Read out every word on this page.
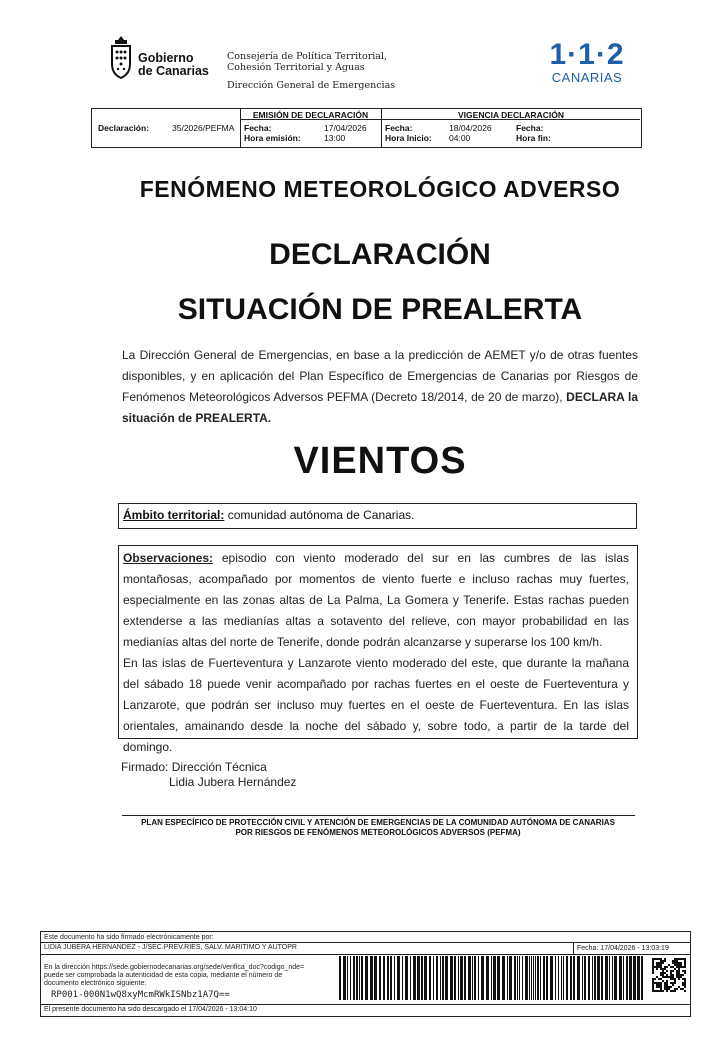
Gobierno
de Canarias
Consejería de Política Territorial,
Cohesión Territorial y Aguas
Dirección General de Emergencias
1·1·2
CANARIAS
Declaración:	35/2026/PEFMA
EMISIÓN DE DECLARACIÓN
Fecha:	17/04/2026
Hora emisión:	13:00
VIGENCIA DECLARACIÓN
Fecha:	18/04/2026
Hora Inicio: 04:00
Fecha:
Hora fin:
FENÓMENO METEOROLÓGICO ADVERSO
DECLARACIÓN
SITUACIÓN DE PREALERTA
La Dirección General de Emergencias, en base a la predicción de AEMET y/o de otras fuentes disponibles, y en aplicación del Plan Específico de Emergencias de Canarias por Riesgos de Fenómenos Meteorológicos Adversos PEFMA (Decreto 18/2014, de 20 de marzo), DECLARA la situación de PREALERTA.
VIENTOS
Ámbito territorial: comunidad autónoma de Canarias.

Observaciones: episodio con viento moderado del sur en las cumbres de las islas montañosas, acompañado por momentos de viento fuerte e incluso rachas muy fuertes, especialmente en las zonas altas de La Palma, La Gomera y Tenerife. Estas rachas pueden extenderse a las medianías altas a sotavento del relieve, con mayor probabilidad en las medianías altas del norte de Tenerife, donde podrán alcanzarse y superarse los 100 km/h.

En las islas de Fuerteventura y Lanzarote viento moderado del este, que durante la mañana del sábado 18 puede venir acompañado por rachas fuertes en el oeste de Fuerteventura y Lanzarote, que podrán ser incluso muy fuertes en el oeste de Fuerteventura. En las islas orientales, amainando desde la noche del sábado y, sobre todo, a partir de la tarde del domingo.

Firmado: Dirección Técnica
Lidia Jubera Hernández
PLAN ESPECÍFICO DE PROTECCIÓN CIVIL Y ATENCIÓN DE EMERGENCIAS DE LA COMUNIDAD AUTÓNOMA DE CANARIAS
POR RIESGOS DE FENÓMENOS METEOROLÓGICOS ADVERSOS (PEFMA)
Este documento ha sido firmado electrónicamente por:
LIDIA JUBERA HERNANDEZ - J/SEC.PREV.RIES, SALV. MARITIMO Y AUTOPR	Fecha: 17/04/2026 - 13:03:19
En la dirección https://sede.gobiernodecanarias.org/sede/verifica_doc?codigo_nde=
puede ser comprobada la autenticidad de esta copia, mediante el número de
documento electrónico siguiente:
RP001-000N1wQ8xyMcmRWkISNbz1A7Q==
El presente documento ha sido descargado el 17/04/2026 - 13:04:10
